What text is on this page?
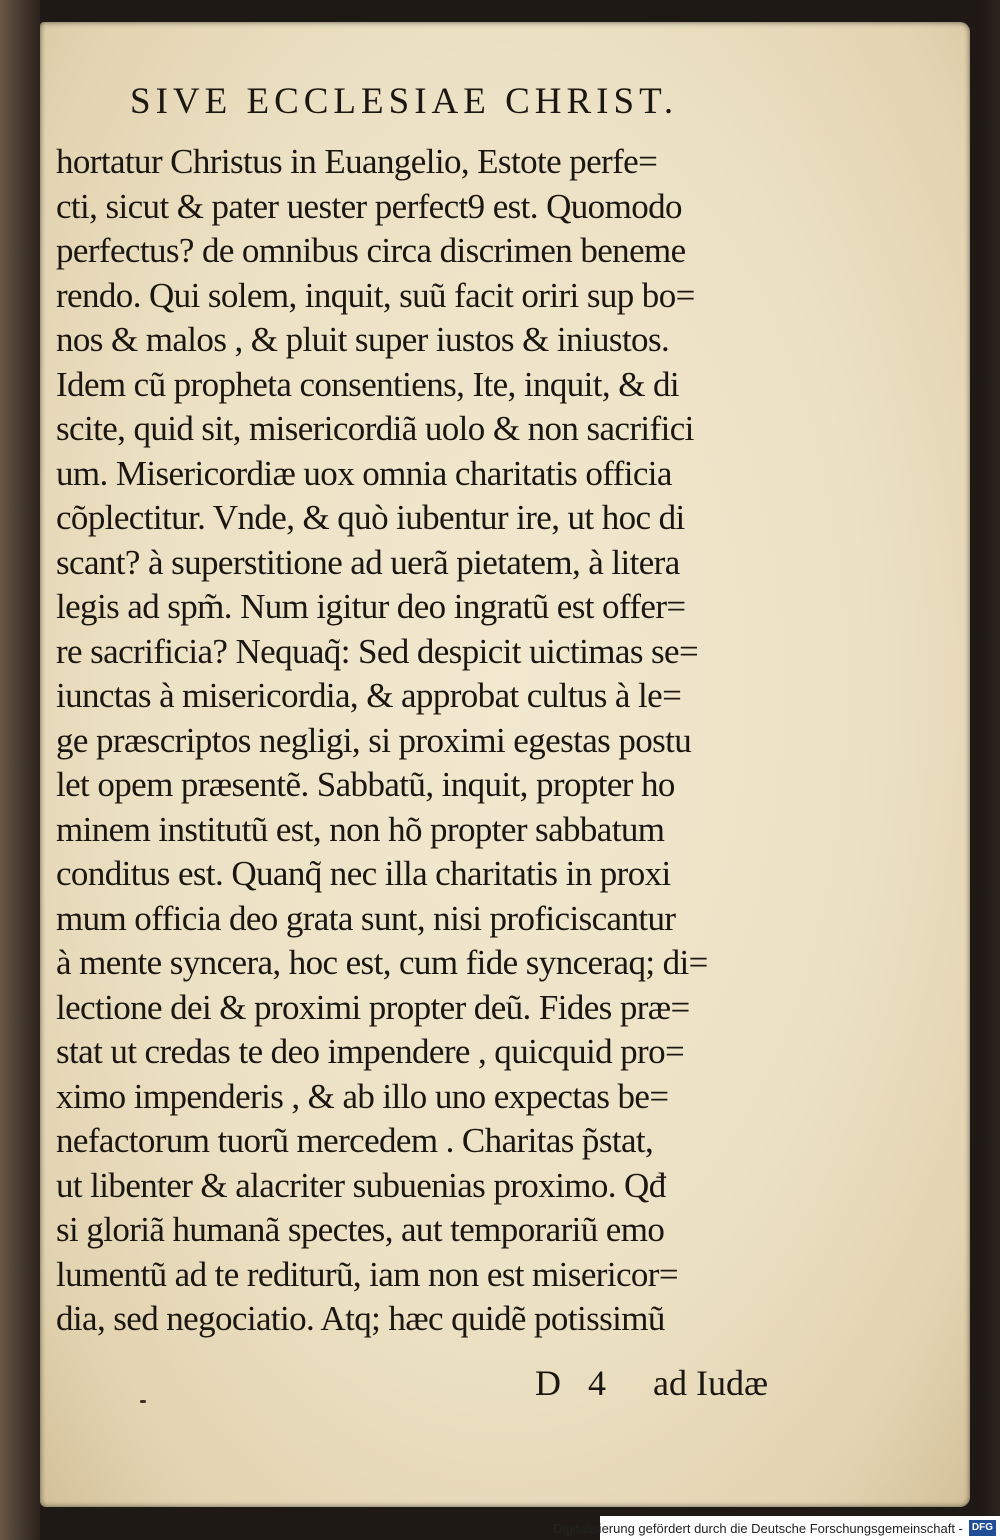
SIVE ECCLESIAE CHRIST.
hortatur Christus in Euangelio, Estote perfe=
cti, sicut & pater uester perfect9 est. Quomodo
perfectus? de omnibus circa discrimen beneme
rendo. Qui solem, inquit, suũ facit oriri sup bo=
nos & malos , & pluit super iustos & iniustos.
Idem cũ propheta consentiens, Ite, inquit, & di
scite, quid sit, misericordiã uolo & non sacrifici
um. Misericordiæ uox omnia charitatis officia
cõplectitur. Vnde, & quò iubentur ire, ut hoc di
scant? à superstitione ad uerã pietatem, à litera
legis ad spm̃. Num igitur deo ingratũ est offer=
re sacrificia? Nequaq̃: Sed despicit uictimas se=
iunctas à misericordia, & approbat cultus à le=
ge præscriptos negligi, si proximi egestas postu
let opem præsentẽ. Sabbatũ, inquit, propter ho
minem institutũ est, non hõ propter sabbatum
conditus est. Quanq̃ nec illa charitatis in proxi
mum officia deo grata sunt, nisi proficiscantur
à mente syncera, hoc est, cum fide synceraq; di=
lectione dei & proximi propter deũ. Fides præ=
stat ut credas te deo impendere , quicquid pro=
ximo impenderis , & ab illo uno expectas be=
nefactorum tuorũ mercedem . Charitas p̃stat,
ut libenter & alacriter subuenias proximo. Qđ
si gloriã humanã spectes, aut temporariũ emo
lumentũ ad te rediturũ, iam non est misericor=
dia, sed negociatio. Atq; hæc quidẽ potissimũ
D 4 ad Iudæ
Digitalisierung gefördert durch die Deutsche Forschungsgemeinschaft - DFG
